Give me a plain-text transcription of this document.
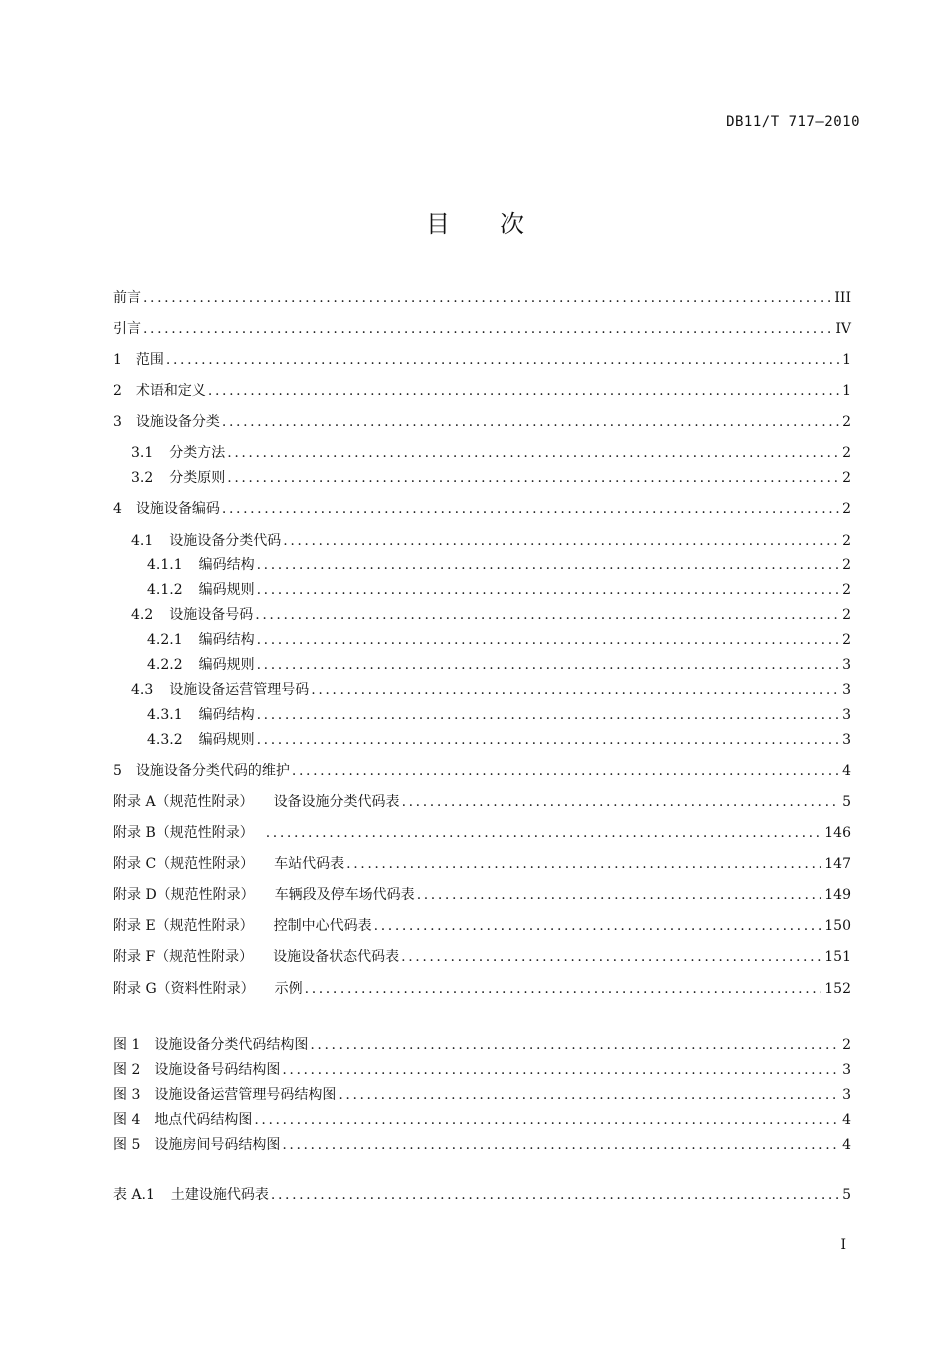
DB11/T 717—2010
目 次
前言 .....	III
引言 .....	IV
1 范围 .....	1
2 术语和定义 .....	1
3 设施设备分类 .....	2
3.1 分类方法 .....	2
3.2 分类原则 .....	2
4 设施设备编码 .....	2
4.1 设施设备分类代码 .....	2
4.1.1 编码结构 .....	2
4.1.2 编码规则 .....	2
4.2 设施设备号码 .....	2
4.2.1 编码结构 .....	2
4.2.2 编码规则 .....	3
4.3 设施设备运营管理号码 .....	3
4.3.1 编码结构 .....	3
4.3.2 编码规则 .....	3
5 设施设备分类代码的维护 .....	4
附录 A（规范性附录） 设备设施分类代码表 .....	5
附录 B（规范性附录） .....	146
附录 C（规范性附录） 车站代码表 .....	147
附录 D（规范性附录） 车辆段及停车场代码表 .....	149
附录 E（规范性附录） 控制中心代码表 .....	150
附录 F（规范性附录） 设施设备状态代码表 .....	151
附录 G（资料性附录） 示例 .....	152
图 1 设施设备分类代码结构图 .....	2
图 2 设施设备号码结构图 .....	3
图 3 设施设备运营管理号码结构图 .....	3
图 4 地点代码结构图 .....	4
图 5 设施房间号码结构图 .....	4
表 A.1 土建设施代码表 .....	5
I
